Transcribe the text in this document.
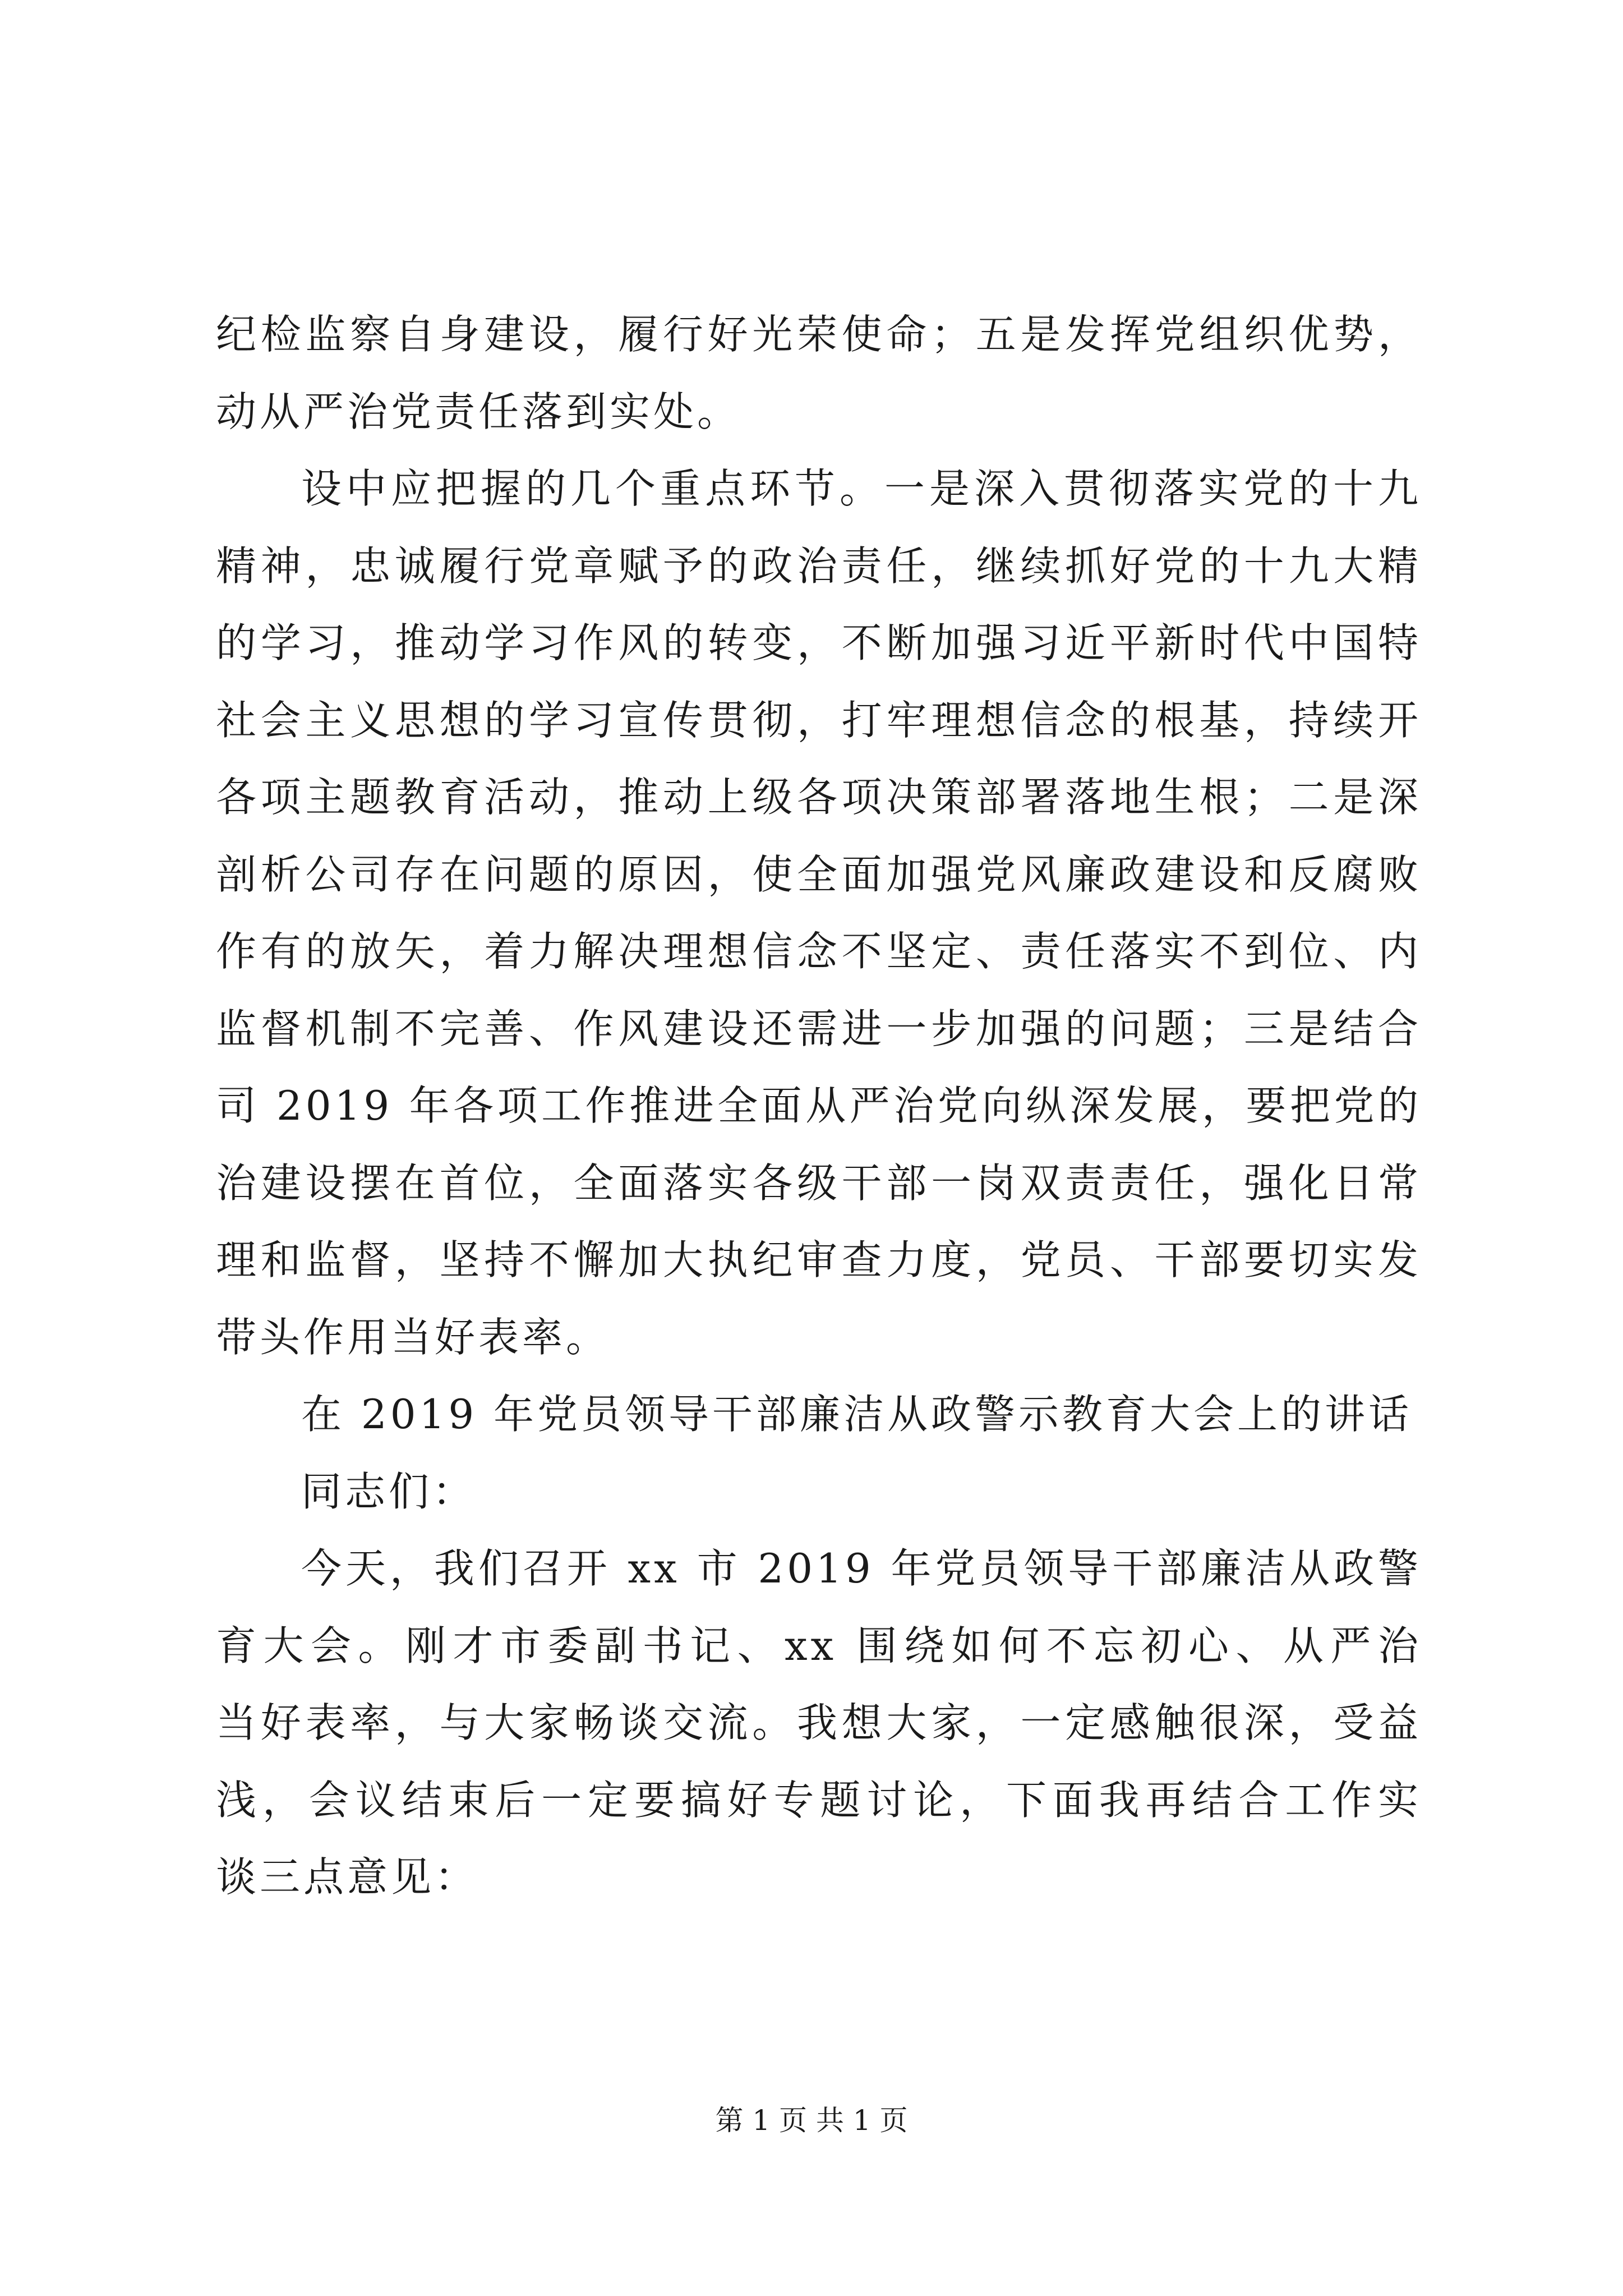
纪检监察自身建设，履行好光荣使命；五是发挥党组织优势，
动从严治党责任落到实处。
设中应把握的几个重点环节。一是深入贯彻落实党的十九
精神，忠诚履行党章赋予的政治责任，继续抓好党的十九大精
的学习，推动学习作风的转变，不断加强习近平新时代中国特
社会主义思想的学习宣传贯彻，打牢理想信念的根基，持续开
各项主题教育活动，推动上级各项决策部署落地生根；二是深
剖析公司存在问题的原因，使全面加强党风廉政建设和反腐败
作有的放矢，着力解决理想信念不坚定、责任落实不到位、内
监督机制不完善、作风建设还需进一步加强的问题；三是结合
司 2019 年各项工作推进全面从严治党向纵深发展，要把党的
治建设摆在首位，全面落实各级干部一岗双责责任，强化日常
理和监督，坚持不懈加大执纪审查力度，党员、干部要切实发
带头作用当好表率。
在 2019 年党员领导干部廉洁从政警示教育大会上的讲话
同志们：
今天，我们召开 xx 市 2019 年党员领导干部廉洁从政警
育大会。刚才市委副书记、xx 围绕如何不忘初心、从严治
当好表率，与大家畅谈交流。我想大家，一定感触很深，受益
浅，会议结束后一定要搞好专题讨论，下面我再结合工作实
谈三点意见：
第 1 页 共 1 页
